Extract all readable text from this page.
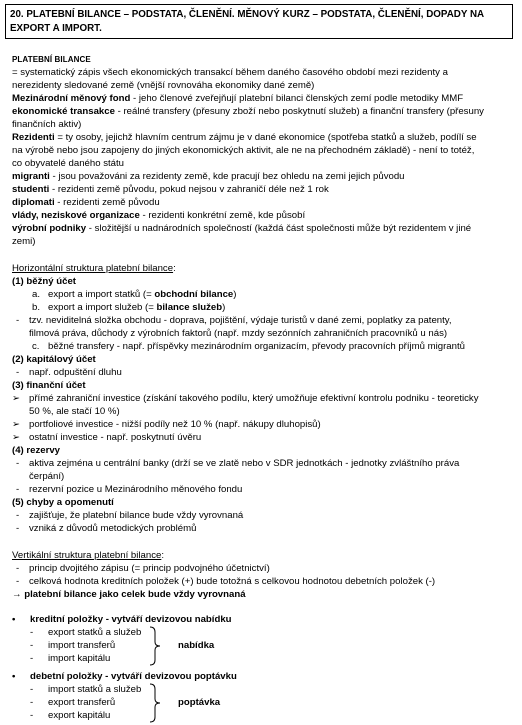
20. PLATEBNÍ BILANCE – PODSTATA, ČLENĚNÍ. MĚNOVÝ KURZ – PODSTATA, ČLENĚNÍ, DOPADY NA EXPORT A IMPORT.
PLATEBNÍ BILANCE
= systematický zápis všech ekonomických transakcí během daného časového období mezi rezidenty a
nerezidenty sledované země (vnější rovnováha ekonomiky dané země)
Mezinárodní měnový fond - jeho členové zveřejňují platební bilanci členských zemí podle metodiky MMF
ekonomické transakce - reálné transfery (přesuny zboží nebo poskytnutí služeb) a finanční transfery (přesuny
finančních aktiv)
Rezidenti = ty osoby, jejichž hlavním centrum zájmu je v dané ekonomice (spotřeba statků a služeb, podílí se
na výrobě nebo jsou zapojeny do jiných ekonomických aktivit, ale ne na přechodném základě) - není to totéž,
co obyvatelé daného státu
migranti - jsou považováni za rezidenty země, kde pracují bez ohledu na zemi jejich původu
studenti - rezidenti země původu, pokud nejsou v zahraničí déle než 1 rok
diplomati - rezidenti země původu
vlády, neziskové organizace - rezidenti konkrétní země, kde působí
výrobní podniky - složitější u nadnárodních společností (každá část společnosti může být rezidentem v jiné
zemi)
Horizontální struktura platební bilance:
(1) běžný účet
a. export a import statků (= obchodní bilance)
b. export a import služeb (= bilance služeb)
- tzv. neviditelná složka obchodu - doprava, pojištění, výdaje turistů v dané zemi, poplatky za patenty,
filmová práva, důchody z výrobních faktorů (např. mzdy sezónních zahraničních pracovníků u nás)
c. běžné transfery - např. příspěvky mezinárodním organizacím, převody pracovních příjmů migrantů
(2) kapitálový účet
- např. odpuštění dluhu
(3) finanční účet
➢ přímé zahraniční investice (získání takového podílu, který umožňuje efektivní kontrolu podniku - teoreticky
50 %, ale stačí 10 %)
➢ portfoliové investice - nižší podíly než 10 % (např. nákupy dluhopisů)
➢ ostatní investice - např. poskytnutí úvěru
(4) rezervy
- aktiva zejména u centrální banky (drží se ve zlatě nebo v SDR jednotkách - jednotky zvláštního práva
čerpání)
- rezervní pozice u Mezinárodního měnového fondu
(5) chyby a opomenutí
- zajišťuje, že platební bilance bude vždy vyrovnaná
- vzniká z důvodů metodických problémů
Vertikální struktura platební bilance:
- princip dvojitého zápisu (= princip podvojného účetnictví)
- celková hodnota kreditních položek (+) bude totožná s celkovou hodnotou debetních položek (-)
→ platební bilance jako celek bude vždy vyrovnaná
• kreditní položky - vytváří devizovou nabídku
- export statků a služeb
- import transferů
- import kapitálu
nabídka
• debetní položky - vytváří devizovou poptávku
- import statků a služeb
- export transferů
- export kapitálu
poptávka
